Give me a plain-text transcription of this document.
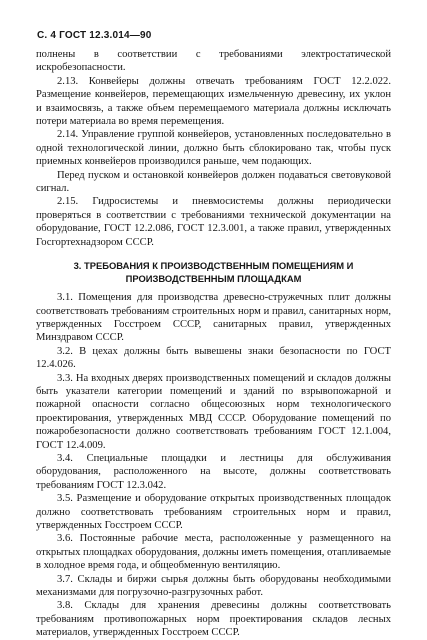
С. 4 ГОСТ 12.3.014—90

полнены в соответствии с требованиями электростатической искробезопасности.

2.13. Конвейеры должны отвечать требованиям ГОСТ 12.2.022. Размещение конвейеров, перемещающих измельченную древесину, их уклон и взаимосвязь, а также объем перемещаемого материала должны исключать потери материала во время перемещения.

2.14. Управление группой конвейеров, установленных последовательно в одной технологической линии, должно быть сблокировано так, чтобы пуск приемных конвейеров производился раньше, чем подающих.

Перед пуском и остановкой конвейеров должен подаваться световуковой сигнал.

2.15. Гидросистемы и пневмосистемы должны периодически проверяться в соответствии с требованиями технической документации на оборудование, ГОСТ 12.2.086, ГОСТ 12.3.001, а также правил, утвержденных Госгортехнадзором СССР.

3. ТРЕБОВАНИЯ К ПРОИЗВОДСТВЕННЫМ ПОМЕЩЕНИЯМ И ПРОИЗВОДСТВЕННЫМ ПЛОЩАДКАМ

3.1. Помещения для производства древесно-стружечных плит должны соответствовать требованиям строительных норм и правил, санитарных норм, утвержденных Госстроем СССР, санитарных правил, утвержденных Минздравом СССР.

3.2. В цехах должны быть вывешены знаки безопасности по ГОСТ 12.4.026.

3.3. На входных дверях производственных помещений и складов должны быть указатели категории помещений и зданий по взрывопожарной и пожарной опасности согласно общесоюзных норм технологического проектирования, утвержденных МВД СССР. Оборудование помещений по пожаробезопасности должно соответствовать требованиям ГОСТ 12.1.004, ГОСТ 12.4.009.

3.4. Специальные площадки и лестницы для обслуживания оборудования, расположенного на высоте, должны соответствовать требованиям ГОСТ 12.3.042.

3.5. Размещение и оборудование открытых производственных площадок должно соответствовать требованиям строительных норм и правил, утвержденных Госстроем СССР.

3.6. Постоянные рабочие места, расположенные у размещенного на открытых площадках оборудования, должны иметь помещения, отапливаемые в холодное время года, и общеобменную вентиляцию.

3.7. Склады и биржи сырья должны быть оборудованы необходимыми механизмами для погрузочно-разгрузочных работ.

3.8. Склады для хранения древесины должны соответствовать требованиям противопожарных норм проектирования складов лесных материалов, утвержденных Госстроем СССР.
